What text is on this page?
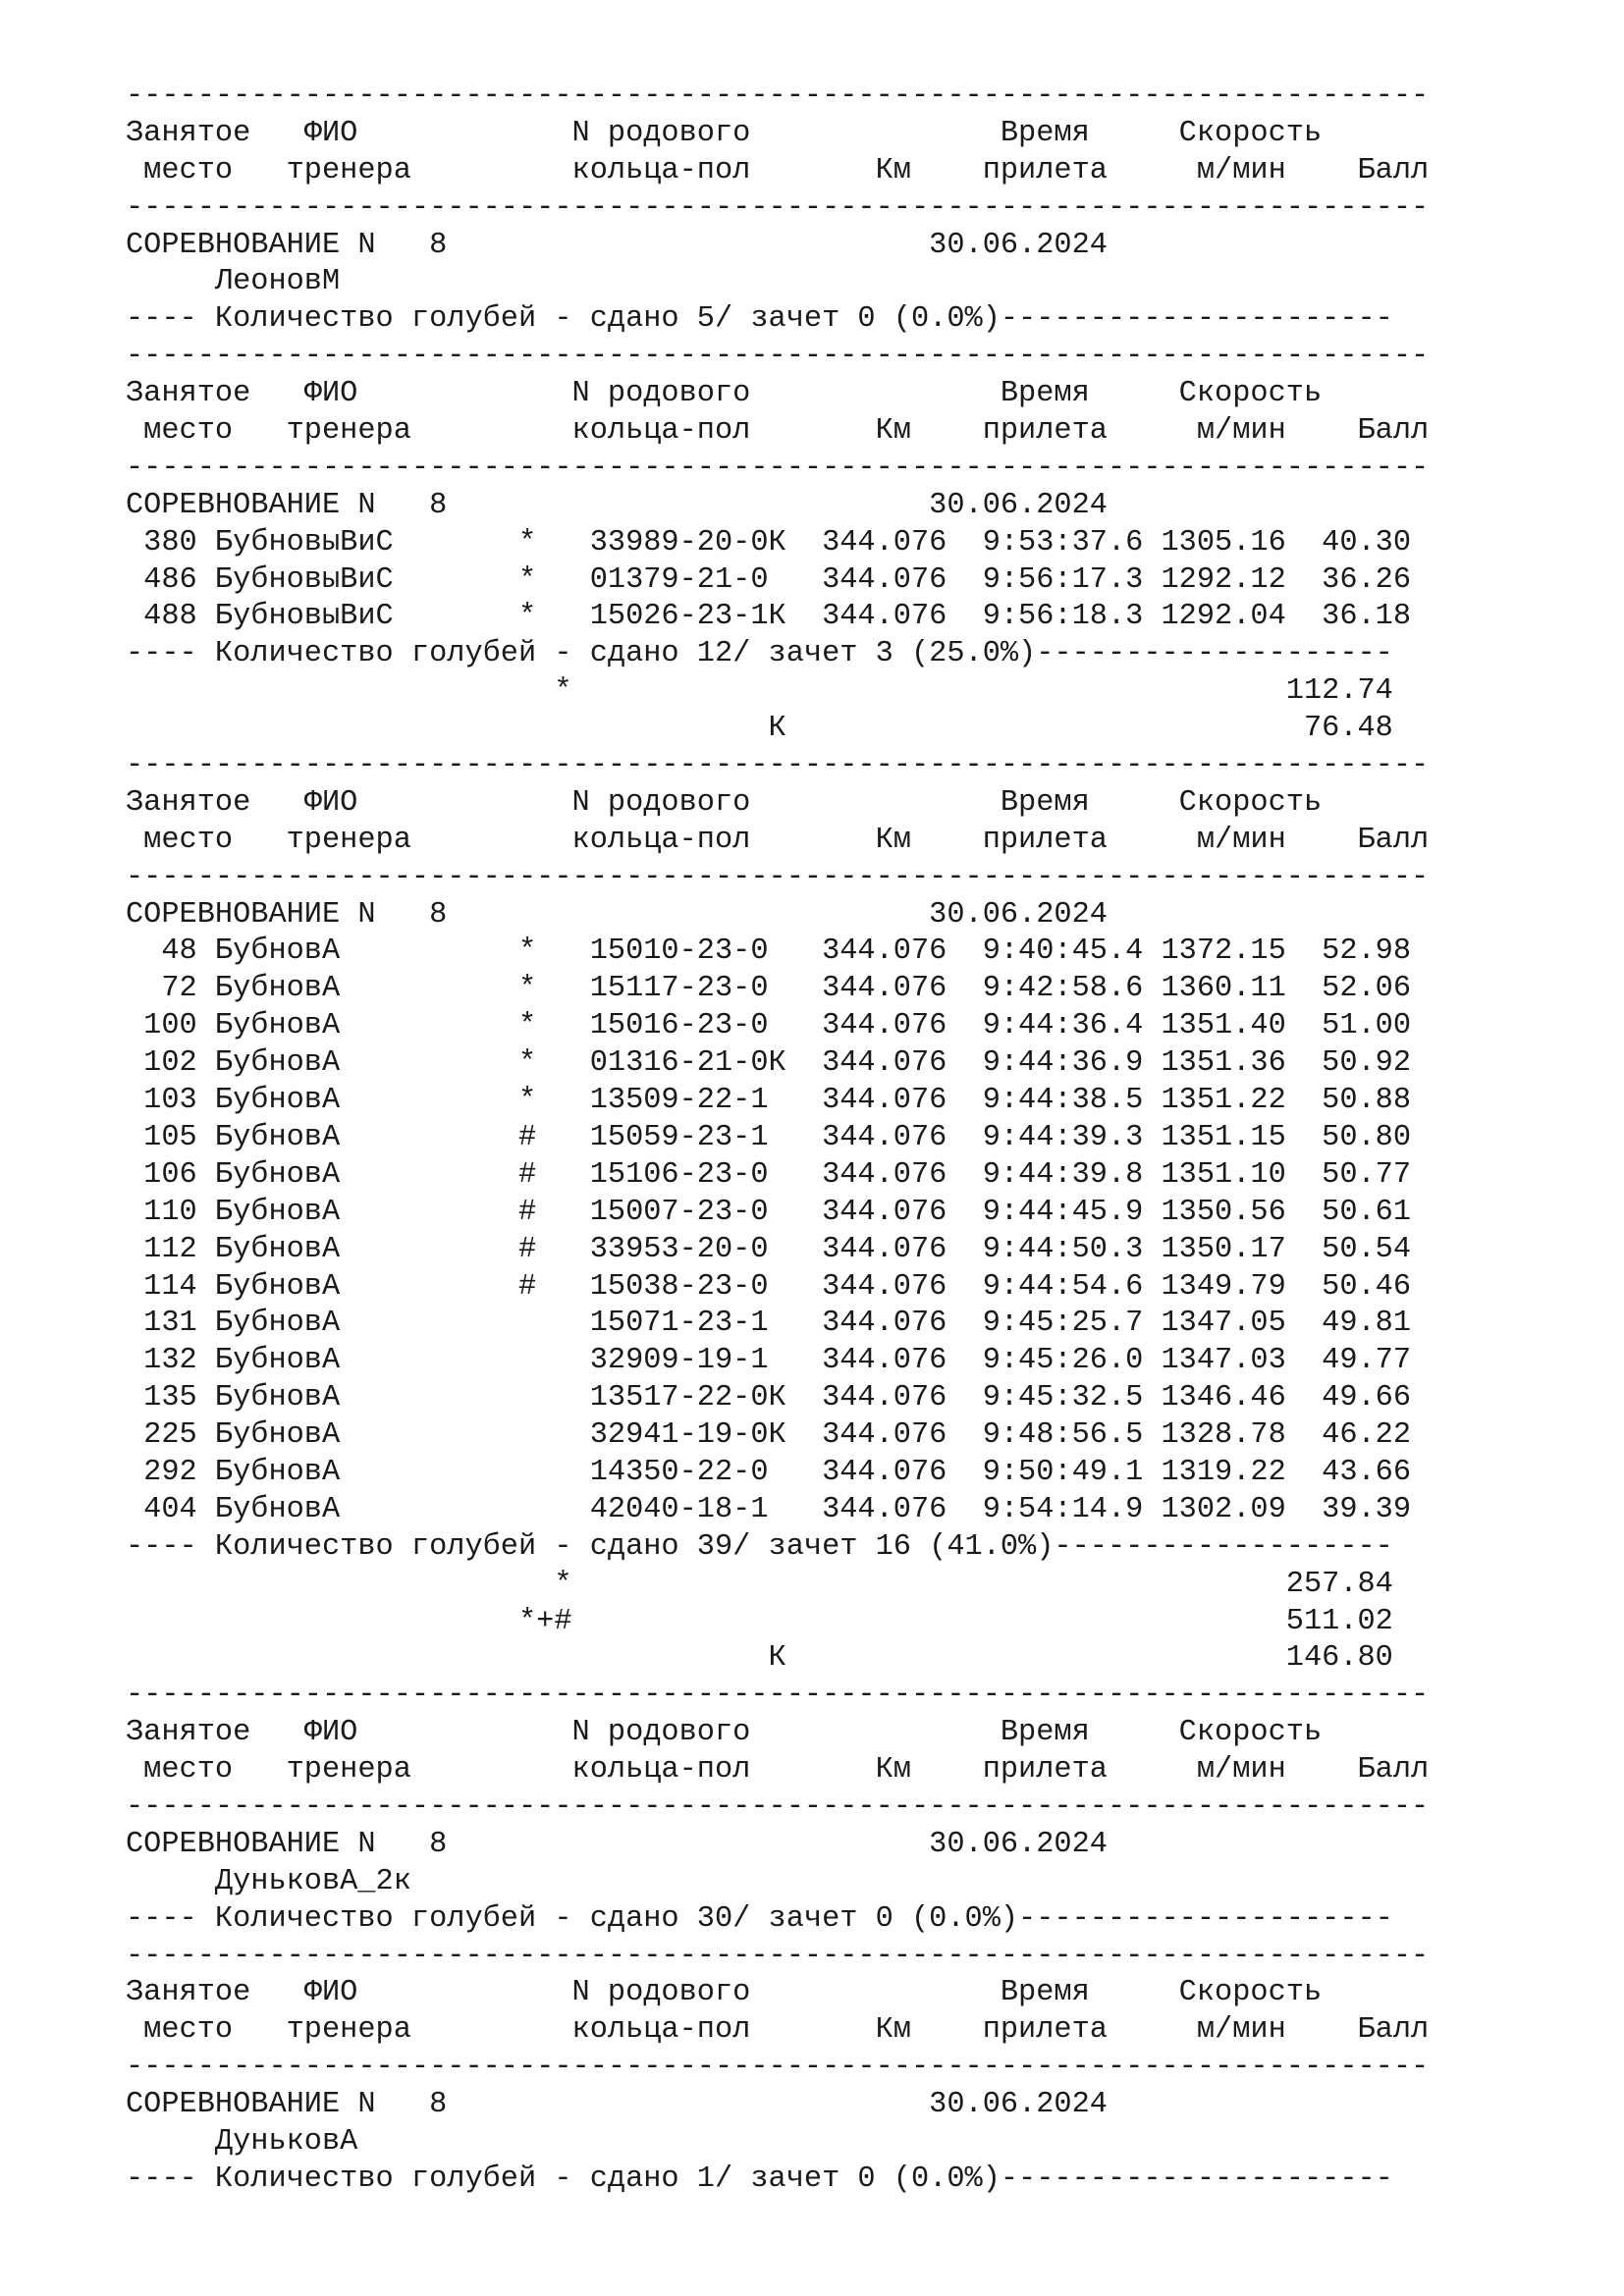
-------------------------------------------------------------------------
Занятое   ФИО            N родового              Время     Скорость
место   тренера         кольца-пол       Км    прилета     м/мин    Балл
-------------------------------------------------------------------------
СОРЕВНОВАНИЕ N   8                           30.06.2024
ЛеоновМ
---- Количество голубей - сдано 5/ зачет 0 (0.0%)----------------------
-------------------------------------------------------------------------
Занятое   ФИО            N родового              Время     Скорость
место   тренера         кольца-пол       Км    прилета     м/мин    Балл
-------------------------------------------------------------------------
СОРЕВНОВАНИЕ N   8                           30.06.2024
380 БубновыВиС       *   33989-20-0К  344.076  9:53:37.6 1305.16  40.30
486 БубновыВиС       *   01379-21-0   344.076  9:56:17.3 1292.12  36.26
488 БубновыВиС       *   15026-23-1К  344.076  9:56:18.3 1292.04  36.18
---- Количество голубей - сдано 12/ зачет 3 (25.0%)--------------------
*                                        112.74
К                             76.48
-------------------------------------------------------------------------
Занятое   ФИО            N родового              Время     Скорость
место   тренера         кольца-пол       Км    прилета     м/мин    Балл
-------------------------------------------------------------------------
СОРЕВНОВАНИЕ N   8                           30.06.2024
48 БубновА          *   15010-23-0   344.076  9:40:45.4 1372.15  52.98
72 БубновА          *   15117-23-0   344.076  9:42:58.6 1360.11  52.06
100 БубновА          *   15016-23-0   344.076  9:44:36.4 1351.40  51.00
102 БубновА          *   01316-21-0К  344.076  9:44:36.9 1351.36  50.92
103 БубновА          *   13509-22-1   344.076  9:44:38.5 1351.22  50.88
105 БубновА          #   15059-23-1   344.076  9:44:39.3 1351.15  50.80
106 БубновА          #   15106-23-0   344.076  9:44:39.8 1351.10  50.77
110 БубновА          #   15007-23-0   344.076  9:44:45.9 1350.56  50.61
112 БубновА          #   33953-20-0   344.076  9:44:50.3 1350.17  50.54
114 БубновА          #   15038-23-0   344.076  9:44:54.6 1349.79  50.46
131 БубновА              15071-23-1   344.076  9:45:25.7 1347.05  49.81
132 БубновА              32909-19-1   344.076  9:45:26.0 1347.03  49.77
135 БубновА              13517-22-0К  344.076  9:45:32.5 1346.46  49.66
225 БубновА              32941-19-0К  344.076  9:48:56.5 1328.78  46.22
292 БубновА              14350-22-0   344.076  9:50:49.1 1319.22  43.66
404 БубновА              42040-18-1   344.076  9:54:14.9 1302.09  39.39
---- Количество голубей - сдано 39/ зачет 16 (41.0%)-------------------
*                                        257.84
*+#                                        511.02
К                            146.80
-------------------------------------------------------------------------
Занятое   ФИО            N родового              Время     Скорость
место   тренера         кольца-пол       Км    прилета     м/мин    Балл
-------------------------------------------------------------------------
СОРЕВНОВАНИЕ N   8                           30.06.2024
ДуньковА_2к
---- Количество голубей - сдано 30/ зачет 0 (0.0%)---------------------
-------------------------------------------------------------------------
Занятое   ФИО            N родового              Время     Скорость
место   тренера         кольца-пол       Км    прилета     м/мин    Балл
-------------------------------------------------------------------------
СОРЕВНОВАНИЕ N   8                           30.06.2024
ДуньковА
---- Количество голубей - сдано 1/ зачет 0 (0.0%)----------------------
